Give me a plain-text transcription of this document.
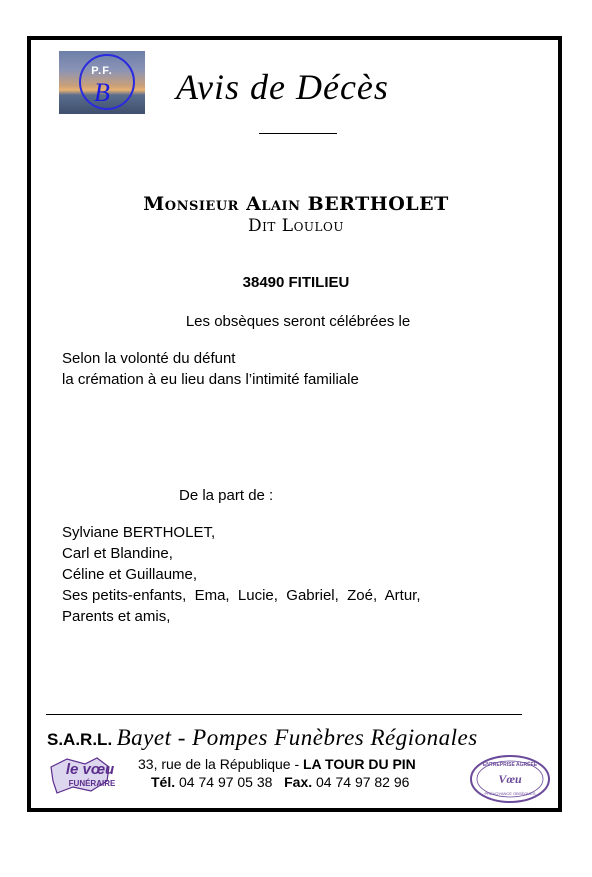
P.F.
B	Avis de Décès
Monsieur Alain BERTHOLET
Dit Loulou
38490 FITILIEU
Les obsèques seront célébrées le
Selon la volonté du défunt
la crémation à eu lieu dans l’intimité familiale
De la part de :
Sylviane BERTHOLET,
Carl et Blandine,
Céline et Guillaume,
Ses petits-enfants,  Ema,  Lucie,  Gabriel,  Zoé,  Artur,
Parents et amis,
S.A.R.L. Bayet - Pompes Funèbres Régionales
33, rue de la République - LA TOUR DU PIN
Tél. 04 74 97 05 38   Fax. 04 74 97 82 96
le vœu
FUNÉRAIRE
ENTREPRISE AGRÉÉE
Vœu
PRÉVOYANCE OBSÈQUES
